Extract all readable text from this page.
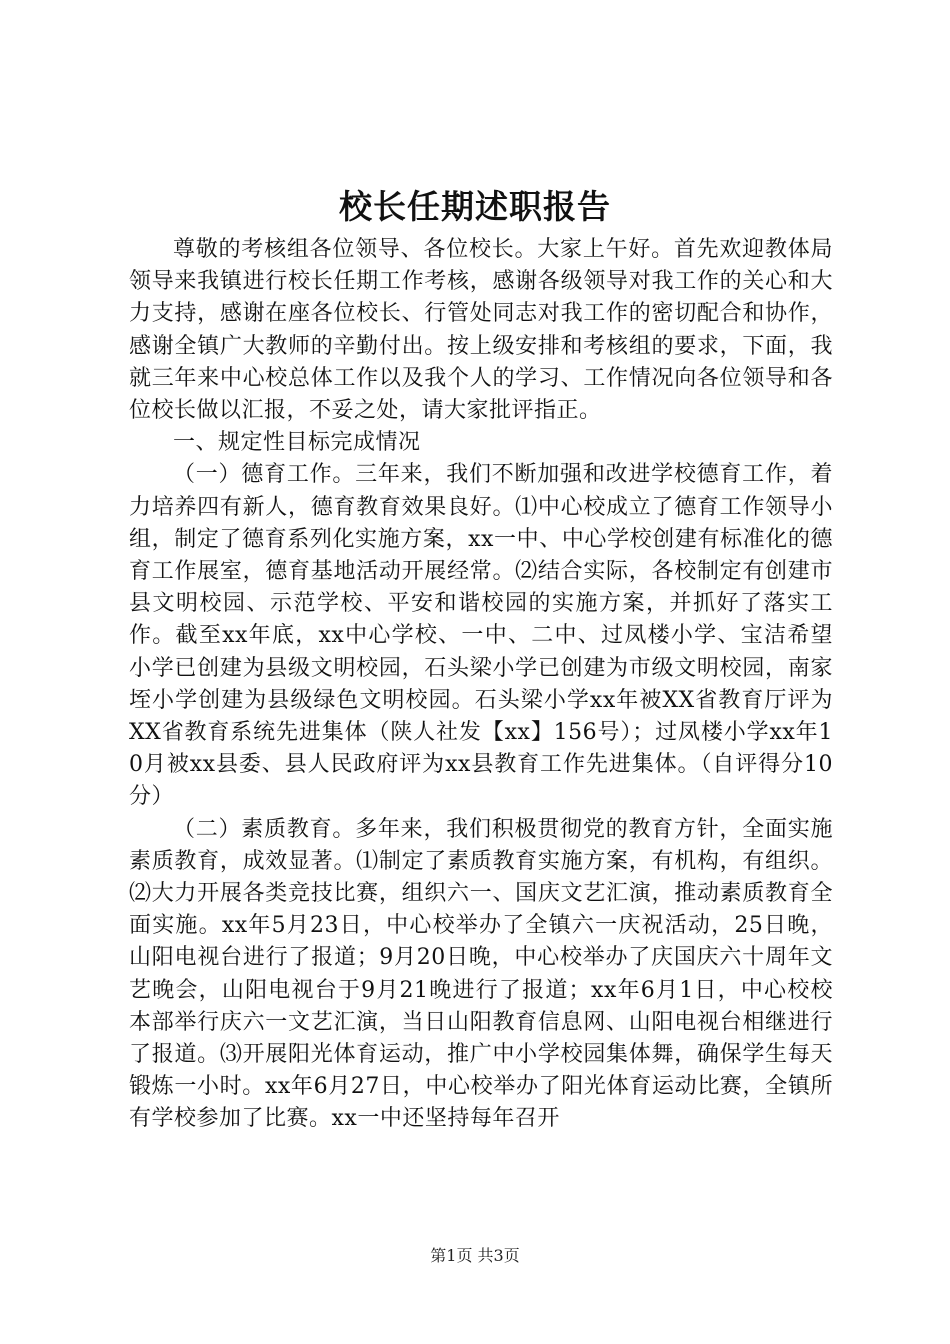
校长任期述职报告

尊敬的考核组各位领导、各位校长。大家上午好。首先欢迎教体局领导来我镇进行校长任期工作考核，感谢各级领导对我工作的关心和大力支持，感谢在座各位校长、行管处同志对我工作的密切配合和协作，感谢全镇广大教师的辛勤付出。按上级安排和考核组的要求，下面，我就三年来中心校总体工作以及我个人的学习、工作情况向各位领导和各位校长做以汇报，不妥之处，请大家批评指正。

一、规定性目标完成情况

（一）德育工作。三年来，我们不断加强和改进学校德育工作，着力培养四有新人，德育教育效果良好。⑴中心校成立了德育工作领导小组，制定了德育系列化实施方案，xx一中、中心学校创建有标准化的德育工作展室，德育基地活动开展经常。⑵结合实际，各校制定有创建市县文明校园、示范学校、平安和谐校园的实施方案，并抓好了落实工作。截至xx年底，xx中心学校、一中、二中、过凤楼小学、宝洁希望小学已创建为县级文明校园，石头梁小学已创建为市级文明校园，南家垤小学创建为县级绿色文明校园。石头梁小学xx年被XX省教育厅评为XX省教育系统先进集体（陕人社发【xx】156号）；过凤楼小学xx年10月被xx县委、县人民政府评为xx县教育工作先进集体。（自评得分10分）

（二）素质教育。多年来，我们积极贯彻党的教育方针，全面实施素质教育，成效显著。⑴制定了素质教育实施方案，有机构，有组织。⑵大力开展各类竞技比赛，组织六一、国庆文艺汇演，推动素质教育全面实施。xx年5月23日，中心校举办了全镇六一庆祝活动，25日晚，山阳电视台进行了报道；9月20日晚，中心校举办了庆国庆六十周年文艺晚会，山阳电视台于9月21晚进行了报道；xx年6月1日，中心校校本部举行庆六一文艺汇演，当日山阳教育信息网、山阳电视台相继进行了报道。⑶开展阳光体育运动，推广中小学校园集体舞，确保学生每天锻炼一小时。xx年6月27日，中心校举办了阳光体育运动比赛，全镇所有学校参加了比赛。xx一中还坚持每年召开

第1页 共3页
